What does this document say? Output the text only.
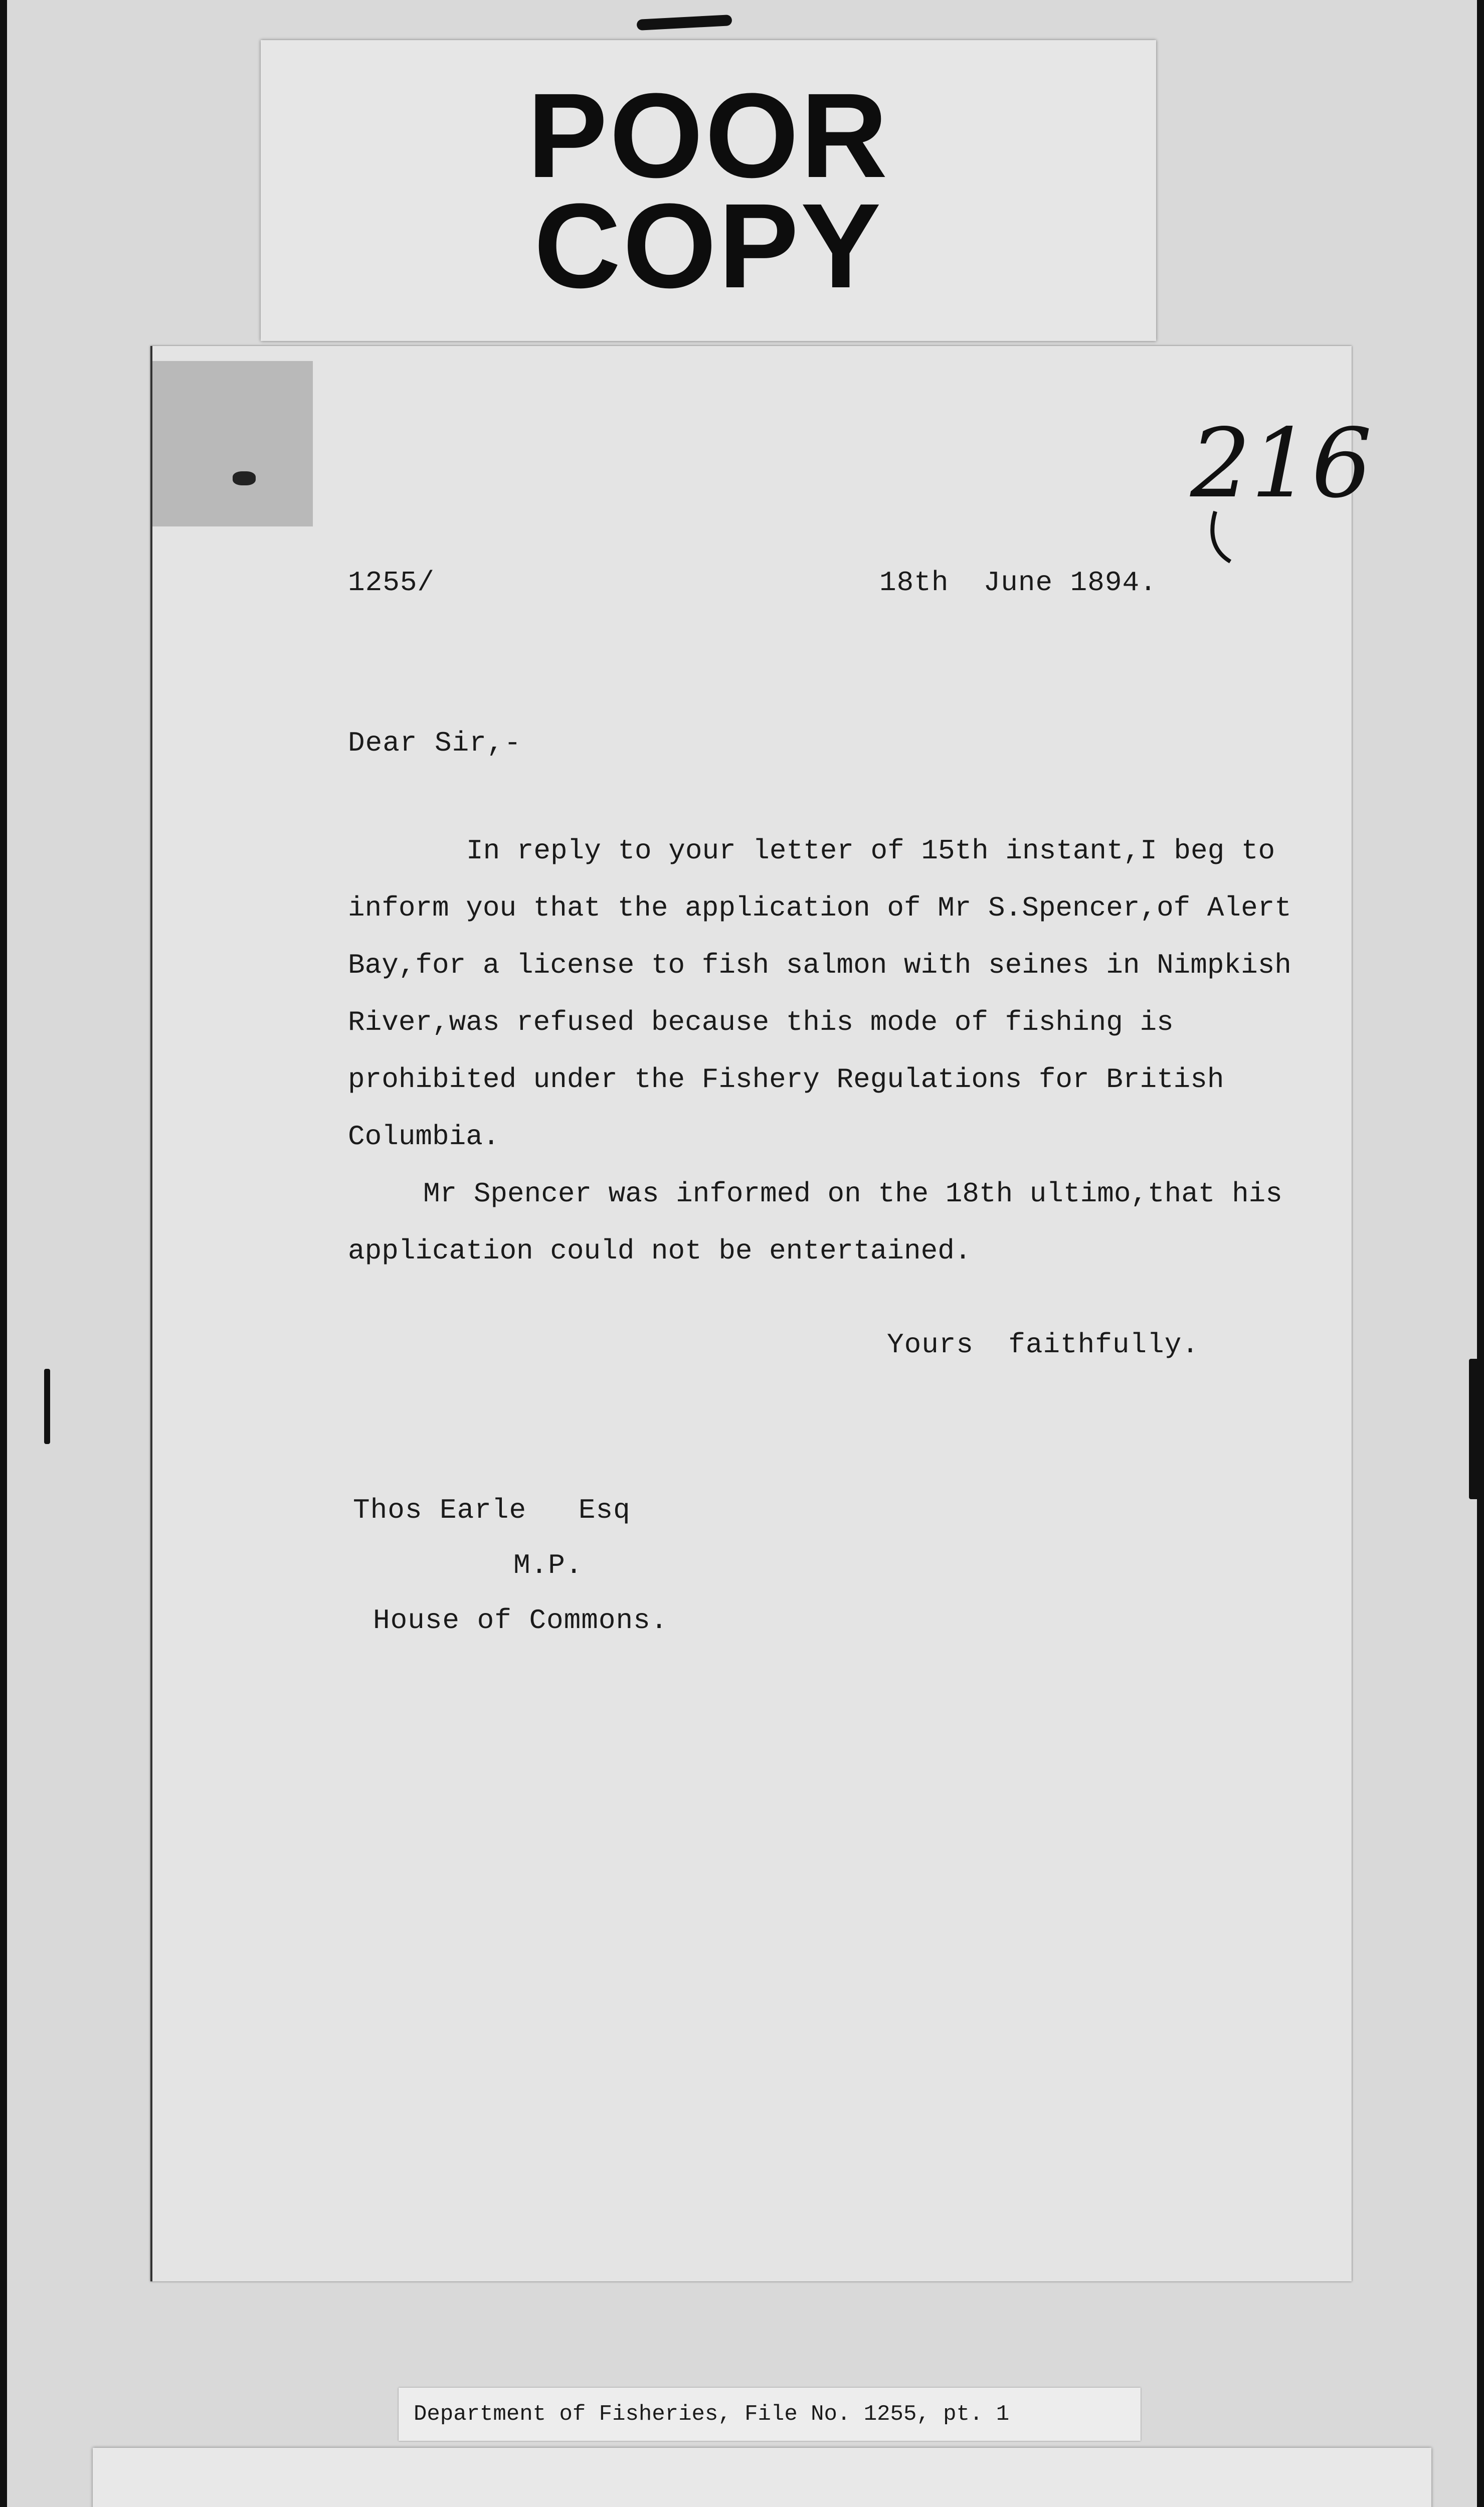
POOR
COPY
216
1255/	18th  June 1894.
Dear Sir,-

In reply to your letter of 15th instant,I beg to inform you that the application of Mr S.Spencer,of Alert Bay,for a license to fish salmon with seines in Nimpkish River,was refused because this mode of fishing is prohibited under the Fishery Regulations for British Columbia.

Mr Spencer was informed on the 18th ultimo,that his application could not be entertained.

Yours  faithfully.
Thos Earle   Esq
M.P.
House of Commons.
Department of Fisheries, File No. 1255, pt. 1
